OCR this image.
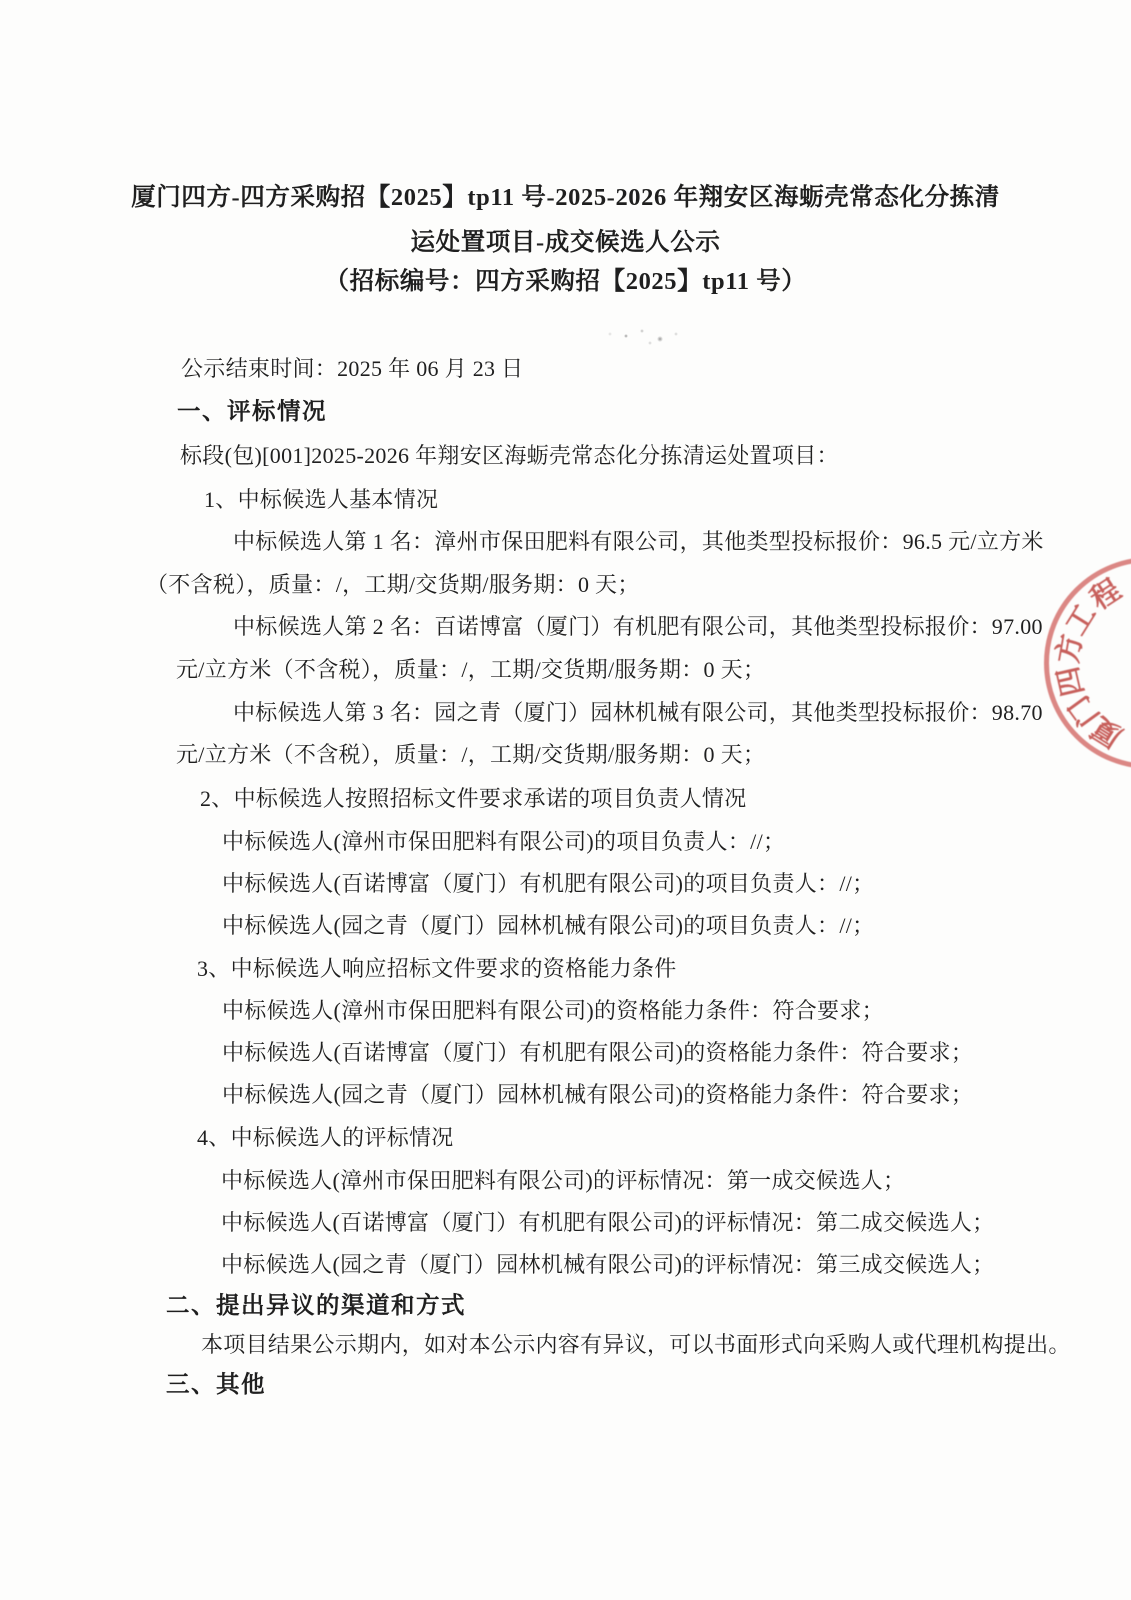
厦门四方-四方采购招【2025】tp11 号-2025-2026 年翔安区海蛎壳常态化分拣清
运处置项目-成交候选人公示
（招标编号：四方采购招【2025】tp11 号）
公示结束时间：2025 年 06 月 23 日
一、评标情况
标段(包)[001]2025-2026 年翔安区海蛎壳常态化分拣清运处置项目：
1、中标候选人基本情况
中标候选人第 1 名：漳州市保田肥料有限公司，其他类型投标报价：96.5 元/立方米
（不含税），质量：/，工期/交货期/服务期：0 天；
中标候选人第 2 名：百诺博富（厦门）有机肥有限公司，其他类型投标报价：97.00
元/立方米（不含税），质量：/，工期/交货期/服务期：0 天；
中标候选人第 3 名：园之青（厦门）园林机械有限公司，其他类型投标报价：98.70
元/立方米（不含税），质量：/，工期/交货期/服务期：0 天；
2、中标候选人按照招标文件要求承诺的项目负责人情况
中标候选人(漳州市保田肥料有限公司)的项目负责人：//；
中标候选人(百诺博富（厦门）有机肥有限公司)的项目负责人：//；
中标候选人(园之青（厦门）园林机械有限公司)的项目负责人：//；
3、中标候选人响应招标文件要求的资格能力条件
中标候选人(漳州市保田肥料有限公司)的资格能力条件：符合要求；
中标候选人(百诺博富（厦门）有机肥有限公司)的资格能力条件：符合要求；
中标候选人(园之青（厦门）园林机械有限公司)的资格能力条件：符合要求；
4、中标候选人的评标情况
中标候选人(漳州市保田肥料有限公司)的评标情况：第一成交候选人；
中标候选人(百诺博富（厦门）有机肥有限公司)的评标情况：第二成交候选人；
中标候选人(园之青（厦门）园林机械有限公司)的评标情况：第三成交候选人；
二、提出异议的渠道和方式
本项目结果公示期内，如对本公示内容有异议，可以书面形式向采购人或代理机构提出。
三、其他
厦
门
四
方
工
程
